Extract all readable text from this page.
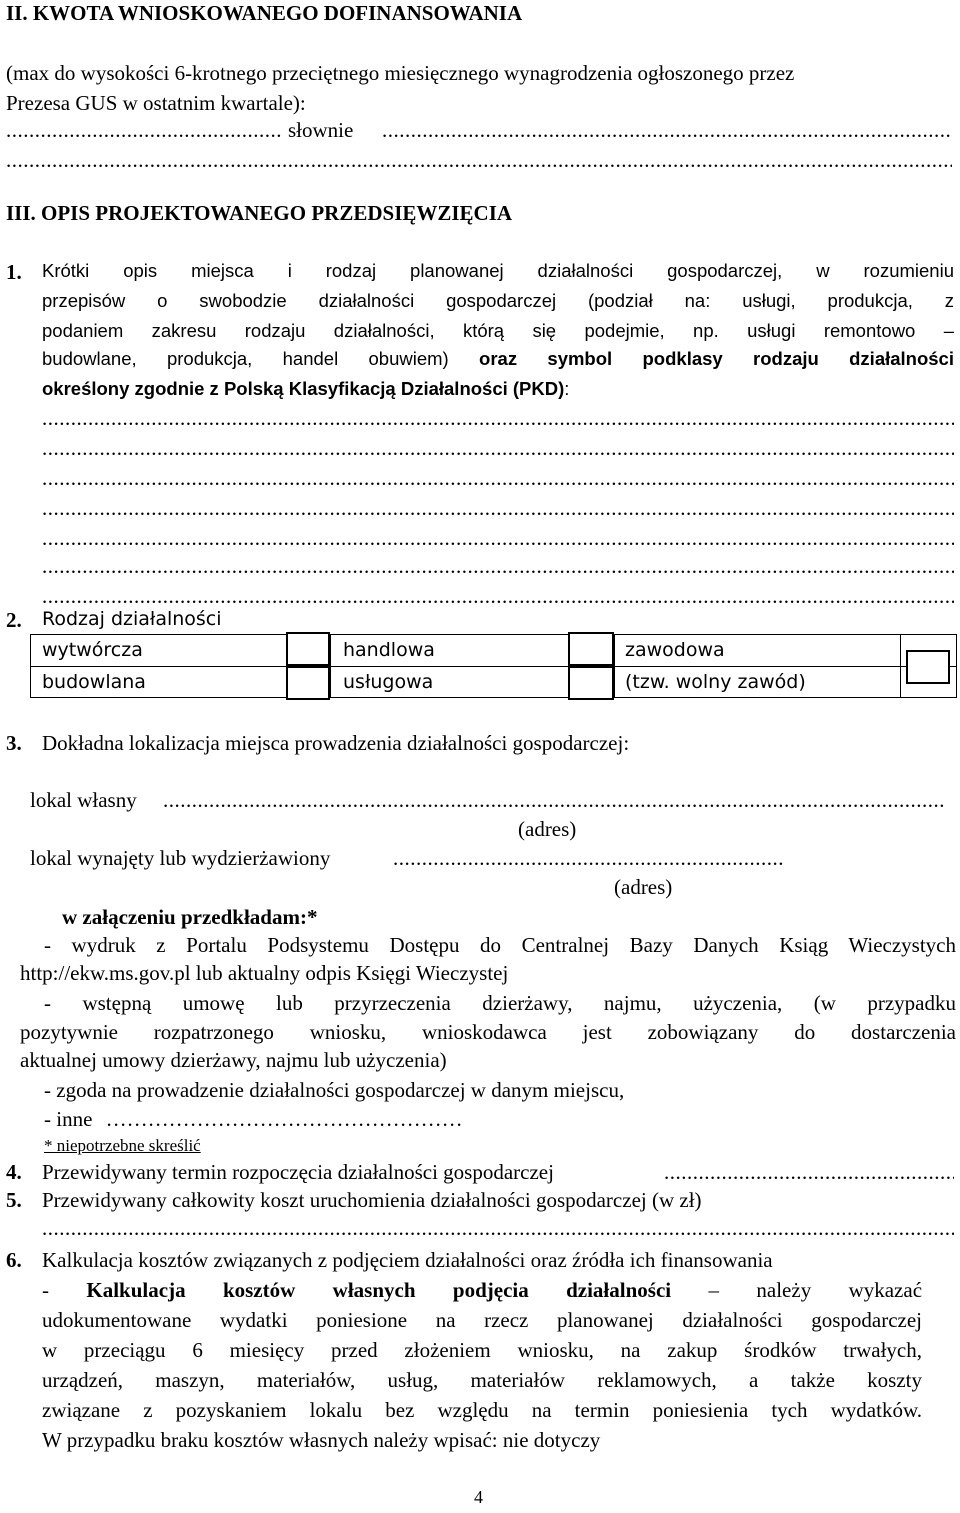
II. KWOTA WNIOSKOWANEGO DOFINANSOWANIA
(max do wysokości 6-krotnego przeciętnego miesięcznego wynagrodzenia ogłoszonego przez
Prezesa GUS w ostatnim kwartale):
.....
słownie
.....
.....
III. OPIS PROJEKTOWANEGO PRZEDSIĘWZIĘCIA
1. Krótki opis miejsca i rodzaj planowanej działalności gospodarczej, w rozumieniu
przepisów o swobodzie działalności gospodarczej (podział na: usługi, produkcja, z
podaniem zakresu rodzaju działalności, którą się podejmie, np. usługi remontowo –
budowlane, produkcja, handel obuwiem) oraz symbol podklasy rodzaju działalności
określony zgodnie z Polską Klasyfikacją Działalności (PKD):
.....
.....
.....
.....
.....
.....
.....
2. Rodzaj działalności
wytwórcza
budowlana
handlowa
usługowa
zawodowa
(tzw. wolny zawód)
3. Dokładna lokalizacja miejsca prowadzenia działalności gospodarczej:
lokal własny
.....
(adres)
lokal wynajęty lub wydzierżawiony
.....
(adres)
w załączeniu przedkładam:*
- wydruk z Portalu Podsystemu Dostępu do Centralnej Bazy Danych Ksiąg Wieczystych
http://ekw.ms.gov.pl lub aktualny odpis Księgi Wieczystej
- wstępną umowę lub przyrzeczenia dzierżawy, najmu, użyczenia, (w przypadku
pozytywnie rozpatrzonego wniosku, wnioskodawca jest zobowiązany do dostarczenia
aktualnej umowy dzierżawy, najmu lub użyczenia)
- zgoda na prowadzenie działalności gospodarczej w danym miejscu,
- inne ……………………………………………
* niepotrzebne skreślić
4. Przewidywany termin rozpoczęcia działalności gospodarczej
.....
5. Przewidywany całkowity koszt uruchomienia działalności gospodarczej (w zł)
.....
6. Kalkulacja kosztów związanych z podjęciem działalności oraz źródła ich finansowania
- Kalkulacja kosztów własnych podjęcia działalności – należy wykazać
udokumentowane wydatki poniesione na rzecz planowanej działalności gospodarczej
w przeciągu 6 miesięcy przed złożeniem wniosku, na zakup środków trwałych,
urządzeń, maszyn, materiałów, usług, materiałów reklamowych, a także koszty
związane z pozyskaniem lokalu bez względu na termin poniesienia tych wydatków.
W przypadku braku kosztów własnych należy wpisać: nie dotyczy
4
